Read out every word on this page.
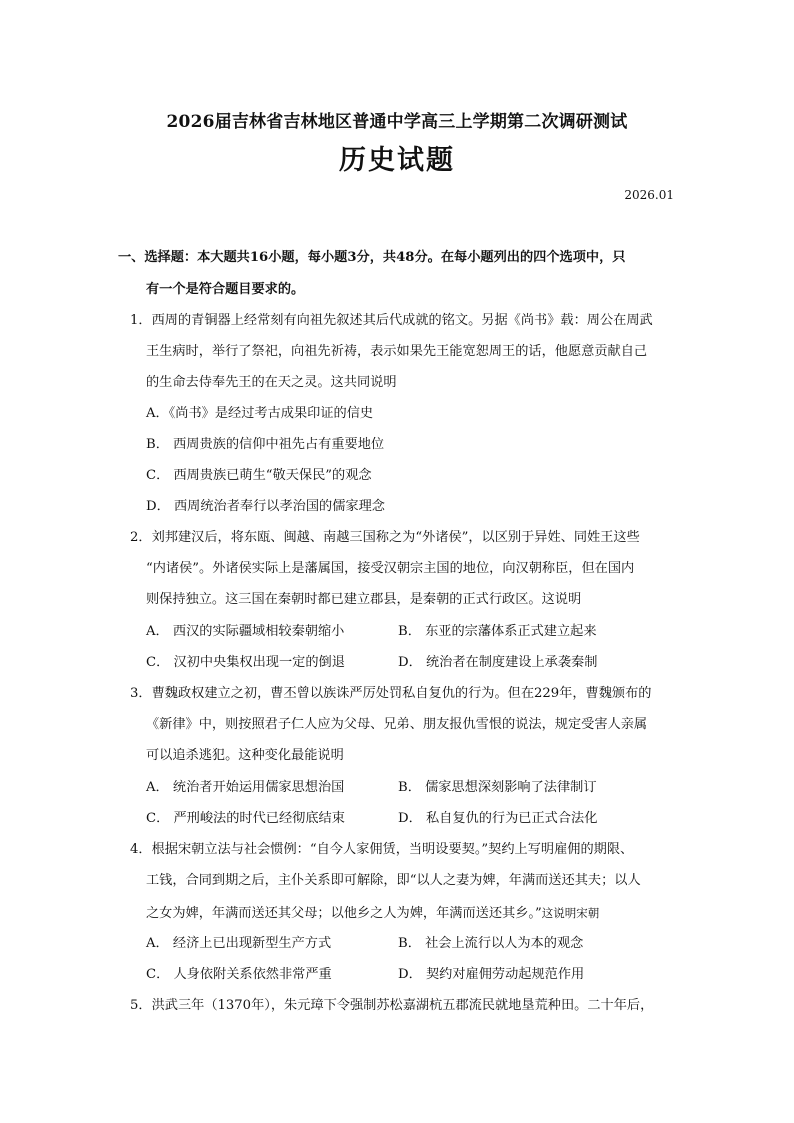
2026届吉林省吉林地区普通中学高三上学期第二次调研测试
历史试题
2026.01
一、选择题：本大题共16小题，每小题3分，共48分。在每小题列出的四个选项中，只
有一个是符合题目要求的。
1．西周的青铜器上经常刻有向祖先叙述其后代成就的铭文。另据《尚书》载：周公在周武
王生病时，举行了祭祀，向祖先祈祷，表示如果先王能宽恕周王的话，他愿意贡献自己
的生命去侍奉先王的在天之灵。这共同说明
A．《尚书》是经过考古成果印证的信史
B． 西周贵族的信仰中祖先占有重要地位
C． 西周贵族已萌生“敬天保民”的观念
D． 西周统治者奉行以孝治国的儒家理念
2．刘邦建汉后，将东瓯、闽越、南越三国称之为“外诸侯”，以区别于异姓、同姓王这些
“内诸侯”。外诸侯实际上是藩属国，接受汉朝宗主国的地位，向汉朝称臣，但在国内
则保持独立。这三国在秦朝时都已建立郡县，是秦朝的正式行政区。这说明
A． 西汉的实际疆域相较秦朝缩小	B． 东亚的宗藩体系正式建立起来
C． 汉初中央集权出现一定的倒退	D． 统治者在制度建设上承袭秦制
3．曹魏政权建立之初，曹丕曾以族诛严厉处罚私自复仇的行为。但在229年，曹魏颁布的
《新律》中，则按照君子仁人应为父母、兄弟、朋友报仇雪恨的说法，规定受害人亲属
可以追杀逃犯。这种变化最能说明
A． 统治者开始运用儒家思想治国	B． 儒家思想深刻影响了法律制订
C． 严刑峻法的时代已经彻底结束	D． 私自复仇的行为已正式合法化
4．根据宋朝立法与社会惯例：“自今人家佣赁，当明设要契。”契约上写明雇佣的期限、
工钱，合同到期之后，主仆关系即可解除，即“以人之妻为婢，年满而送还其夫；以人
之女为婢，年满而送还其父母；以他乡之人为婢，年满而送还其乡。”这说明宋朝
A． 经济上已出现新型生产方式	B． 社会上流行以人为本的观念
C． 人身依附关系依然非常严重	D． 契约对雇佣劳动起规范作用
5．洪武三年（1370年），朱元璋下令强制苏松嘉湖杭五郡流民就地垦荒种田。二十年后，
